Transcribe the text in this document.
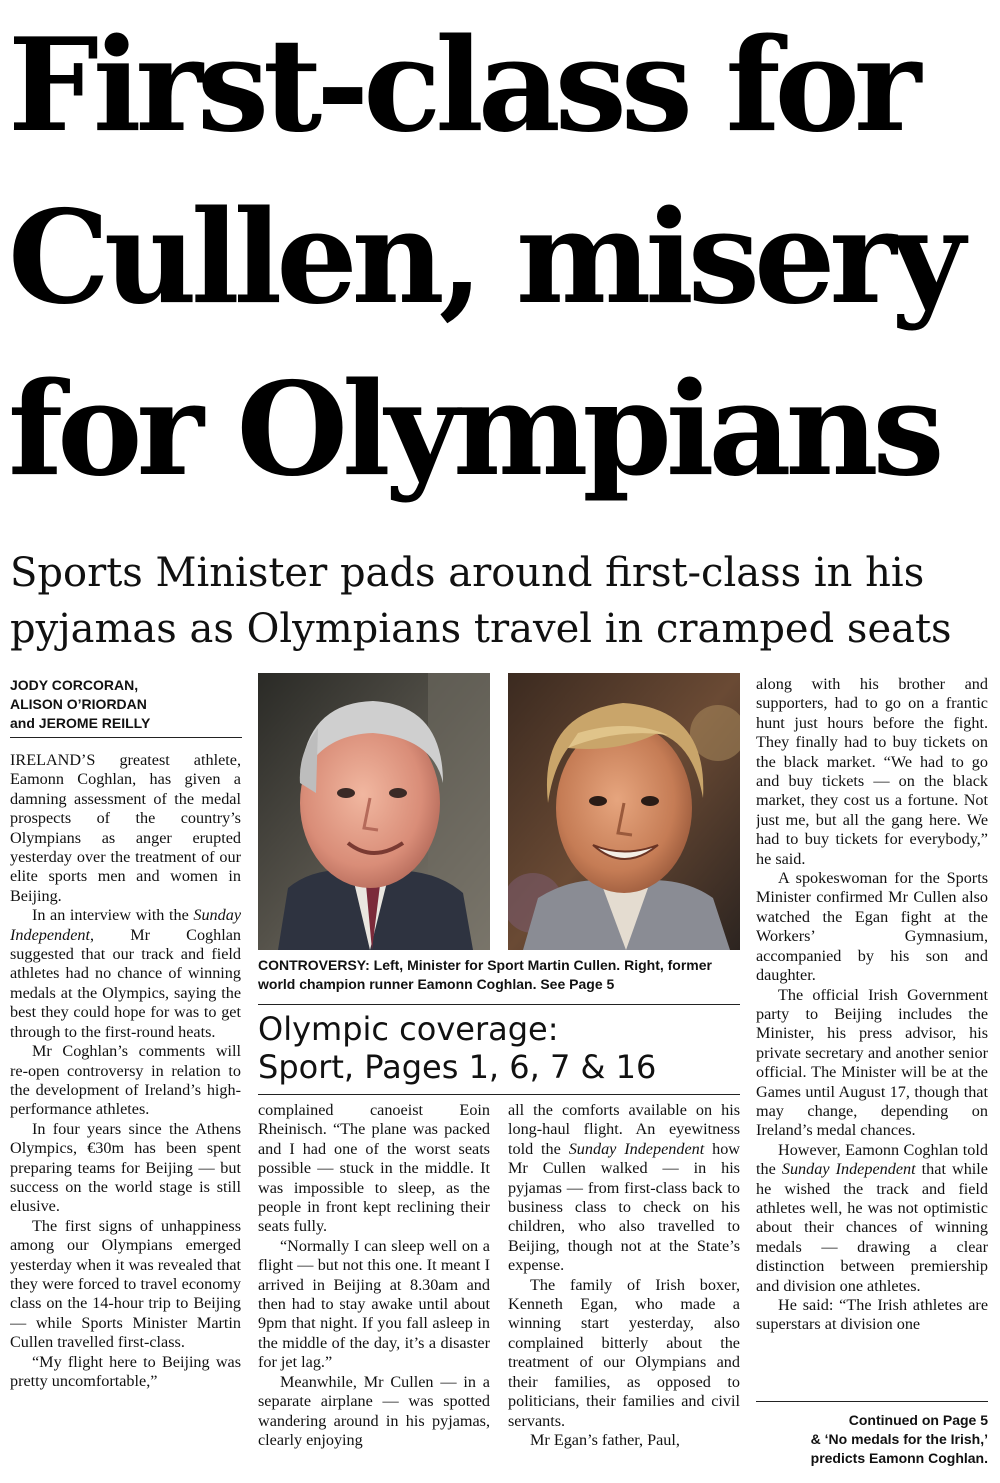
First-class for
Cullen, misery
for Olympians
Sports Minister pads around first-class in his pyjamas as Olympians travel in cramped seats
JODY CORCORAN,
ALISON O’RIORDAN
and JEROME REILLY

IRELAND’S greatest athlete, Eamonn Coghlan, has given a damning assessment of the medal prospects of the country’s Olympians as anger erupted yesterday over the treatment of our elite sports men and women in Beijing.

In an interview with the Sunday Independent, Mr Coghlan suggested that our track and field athletes had no chance of winning medals at the Olympics, saying the best they could hope for was to get through to the first-round heats.

Mr Coghlan’s comments will re-open controversy in relation to the development of Ireland’s high-performance athletes.

In four years since the Athens Olympics, €30m has been spent preparing teams for Beijing — but success on the world stage is still elusive.

The first signs of unhappiness among our Olympians emerged yesterday when it was revealed that they were forced to travel economy class on the 14-hour trip to Beijing — while Sports Minister Martin Cullen travelled first-class.

“My flight here to Beijing was pretty uncomfortable,”

CONTROVERSY: Left, Minister for Sport Martin Cullen. Right, former world champion runner Eamonn Coghlan. See Page 5
Olympic coverage:
Sport, Pages 1, 6, 7 & 16

complained canoeist Eoin Rheinisch. “The plane was packed and I had one of the worst seats possible — stuck in the middle. It was impossible to sleep, as the people in front kept reclining their seats fully.

“Normally I can sleep well on a flight — but not this one. It meant I arrived in Beijing at 8.30am and then had to stay awake until about 9pm that night. If you fall asleep in the middle of the day, it’s a disaster for jet lag.”

Meanwhile, Mr Cullen — in a separate airplane — was spotted wandering around in his pyjamas, clearly enjoying

all the comforts available on his long-haul flight. An eyewitness told the Sunday Independent how Mr Cullen walked — in his pyjamas — from first-class back to business class to check on his children, who also travelled to Beijing, though not at the State’s expense.

The family of Irish boxer, Kenneth Egan, who made a winning start yesterday, also complained bitterly about the treatment of our Olympians and their families, as opposed to politicians, their families and civil servants.

Mr Egan’s father, Paul,

along with his brother and supporters, had to go on a frantic hunt just hours before the fight. They finally had to buy tickets on the black market. “We had to go and buy tickets — on the black market, they cost us a fortune. Not just me, but all the gang here. We had to buy tickets for everybody,” he said.

A spokeswoman for the Sports Minister confirmed Mr Cullen also watched the Egan fight at the Workers’ Gymnasium, accompanied by his son and daughter.

The official Irish Government party to Beijing includes the Minister, his press advisor, his private secretary and another senior official. The Minister will be at the Games until August 17, though that may change, depending on Ireland’s medal chances.

However, Eamonn Coghlan told the Sunday Independent that while he wished the track and field athletes well, he was not optimistic about their chances of winning medals — drawing a clear distinction between premiership and division one athletes.

He said: “The Irish athletes are superstars at division one

Continued on Page 5
& ‘No medals for the Irish,’
predicts Eamonn Coghlan.
